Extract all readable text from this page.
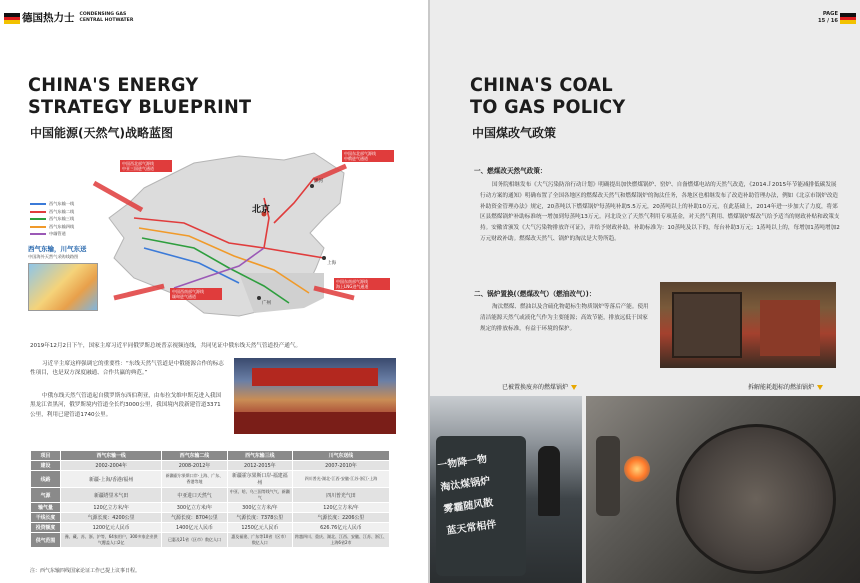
德国热力士 CONDENSING GAS
CENTRAL HOTWATER
CHINA'S ENERGY
STRATEGY BLUEPRINT
中国能源(天然气)战略蓝图
西气东输一线
西气东输二线
西气东输三线
西气东输四线
中缅管道
北京
黑河
上海
广州
中国西北部气源线
中亚三国进气通道
中国东北部气源线
中俄进气通道
中国西南部气源线
缅甸进气通道
中国东南部气源线
海上LNG进气通道
西气东输，川气东送
中国海外天然气采购线路图
2019年12月2日下午，国家主席习近平同俄罗斯总统普京视频连线，共同见证中俄东线天然气管道投产通气。
习近平主席这样强调它的重要性：“东线天然气管道是中俄能源合作的标志性项目，也是双方深度融通、合作共赢的典范。”
中俄东线天然气管道起自俄罗斯东西伯利亚，由布拉戈维申斯克进入我国黑龙江省黑河，俄罗斯境内管道全长约3000公里，我国境内段新建管道3371公里，利用已建管道1740公里。
项目	西气东输一线	西气东输二线	西气东输三线	川气东送线
建设	2002-2004年	2008-2012年	2012-2015年	2007-2010年
线路	新疆-上海/香港/福州	新疆霍尔果斯口岸-上海、广东、香港等地	新疆霍尔果斯口岸-福建福州	四川普光-湖北-江西-安徽-江苏-浙江-上海
气源	新疆塔里木气田	中亚进口天然气	中亚、哈、乌三国等线气气、新疆气	四川普光气田
输气量	120亿立方米/年	300亿立方米/年	300亿立方米/年	120亿立方米/年
干线长度	气源长度：4200公里	气源长度：8704公里	气源长度：7378公里	气源长度：2206公里
投资额度	1200亿元人民币	1400亿元人民币	1250亿元人民币	626.76亿元人民币
供气范围	豫、藏、苏、浙、沪等，64家用户，300多家企业供气覆盖人口2亿	已惠及21省（区市）数亿人口	惠及福建、广东等10省（区市）数亿人口	跨越四川、重庆、湖北、江西、安徽、江苏、浙江、上海6省2市
注：西气东输四线国家论证工作已提上议事日程。
PAGE
15 / 16
CHINA'S COAL
TO GAS POLICY
中国煤改气政策
一、燃煤改天然气政策：
国务院相继发布《大气污染防治行动计划》明确提出加快燃煤锅炉、窑炉、自备燃煤电站的天然气改造，《2014Ｊ2015年节能减排低碳发展行动方案的通知》明确布置了全国各地区的燃煤改天然气和燃煤锅炉的淘汰任务，各地区也相继发布了改造补助管理办法，例如《北京市锅炉改造补助资金管理办法》规定，20蒸吨以下燃煤锅炉每蒸吨补助5.5万元，20蒸吨以上的补助10万元，在此基础上，2014年进一步加大了力度，将郊区县燃煤锅炉补助标准统一增加到每蒸吨13万元。河北设立了天然气利用专项基金，对天然气利用、燃煤锅炉煤改气给予适当的财政补贴和政策支持。安徽省颁发《大气污染物排放许可证》，并给予财政补助。补助标准为：10蒸吨及以下的，每台补助3万元；1蒸吨以上的，每增加1蒸吨增加2万元财政补助。燃煤改天然气、锅炉的淘汰是大势所趋。
二、锅炉置换(（燃煤改气）（燃油改气）)：
淘汰燃煤、燃油以及含硫化物超标生物质锅炉等落后产能。使用清洁能源天然气或液化气作为主要能源；高效节能，排放远低于国家规定的排放标准，有益于环境的保护。
已被置换废弃的燃煤锅炉	拆解能耗超标的燃油锅炉
一物降一物
淘汰煤锅炉
雾霾随风散
蓝天常相伴
